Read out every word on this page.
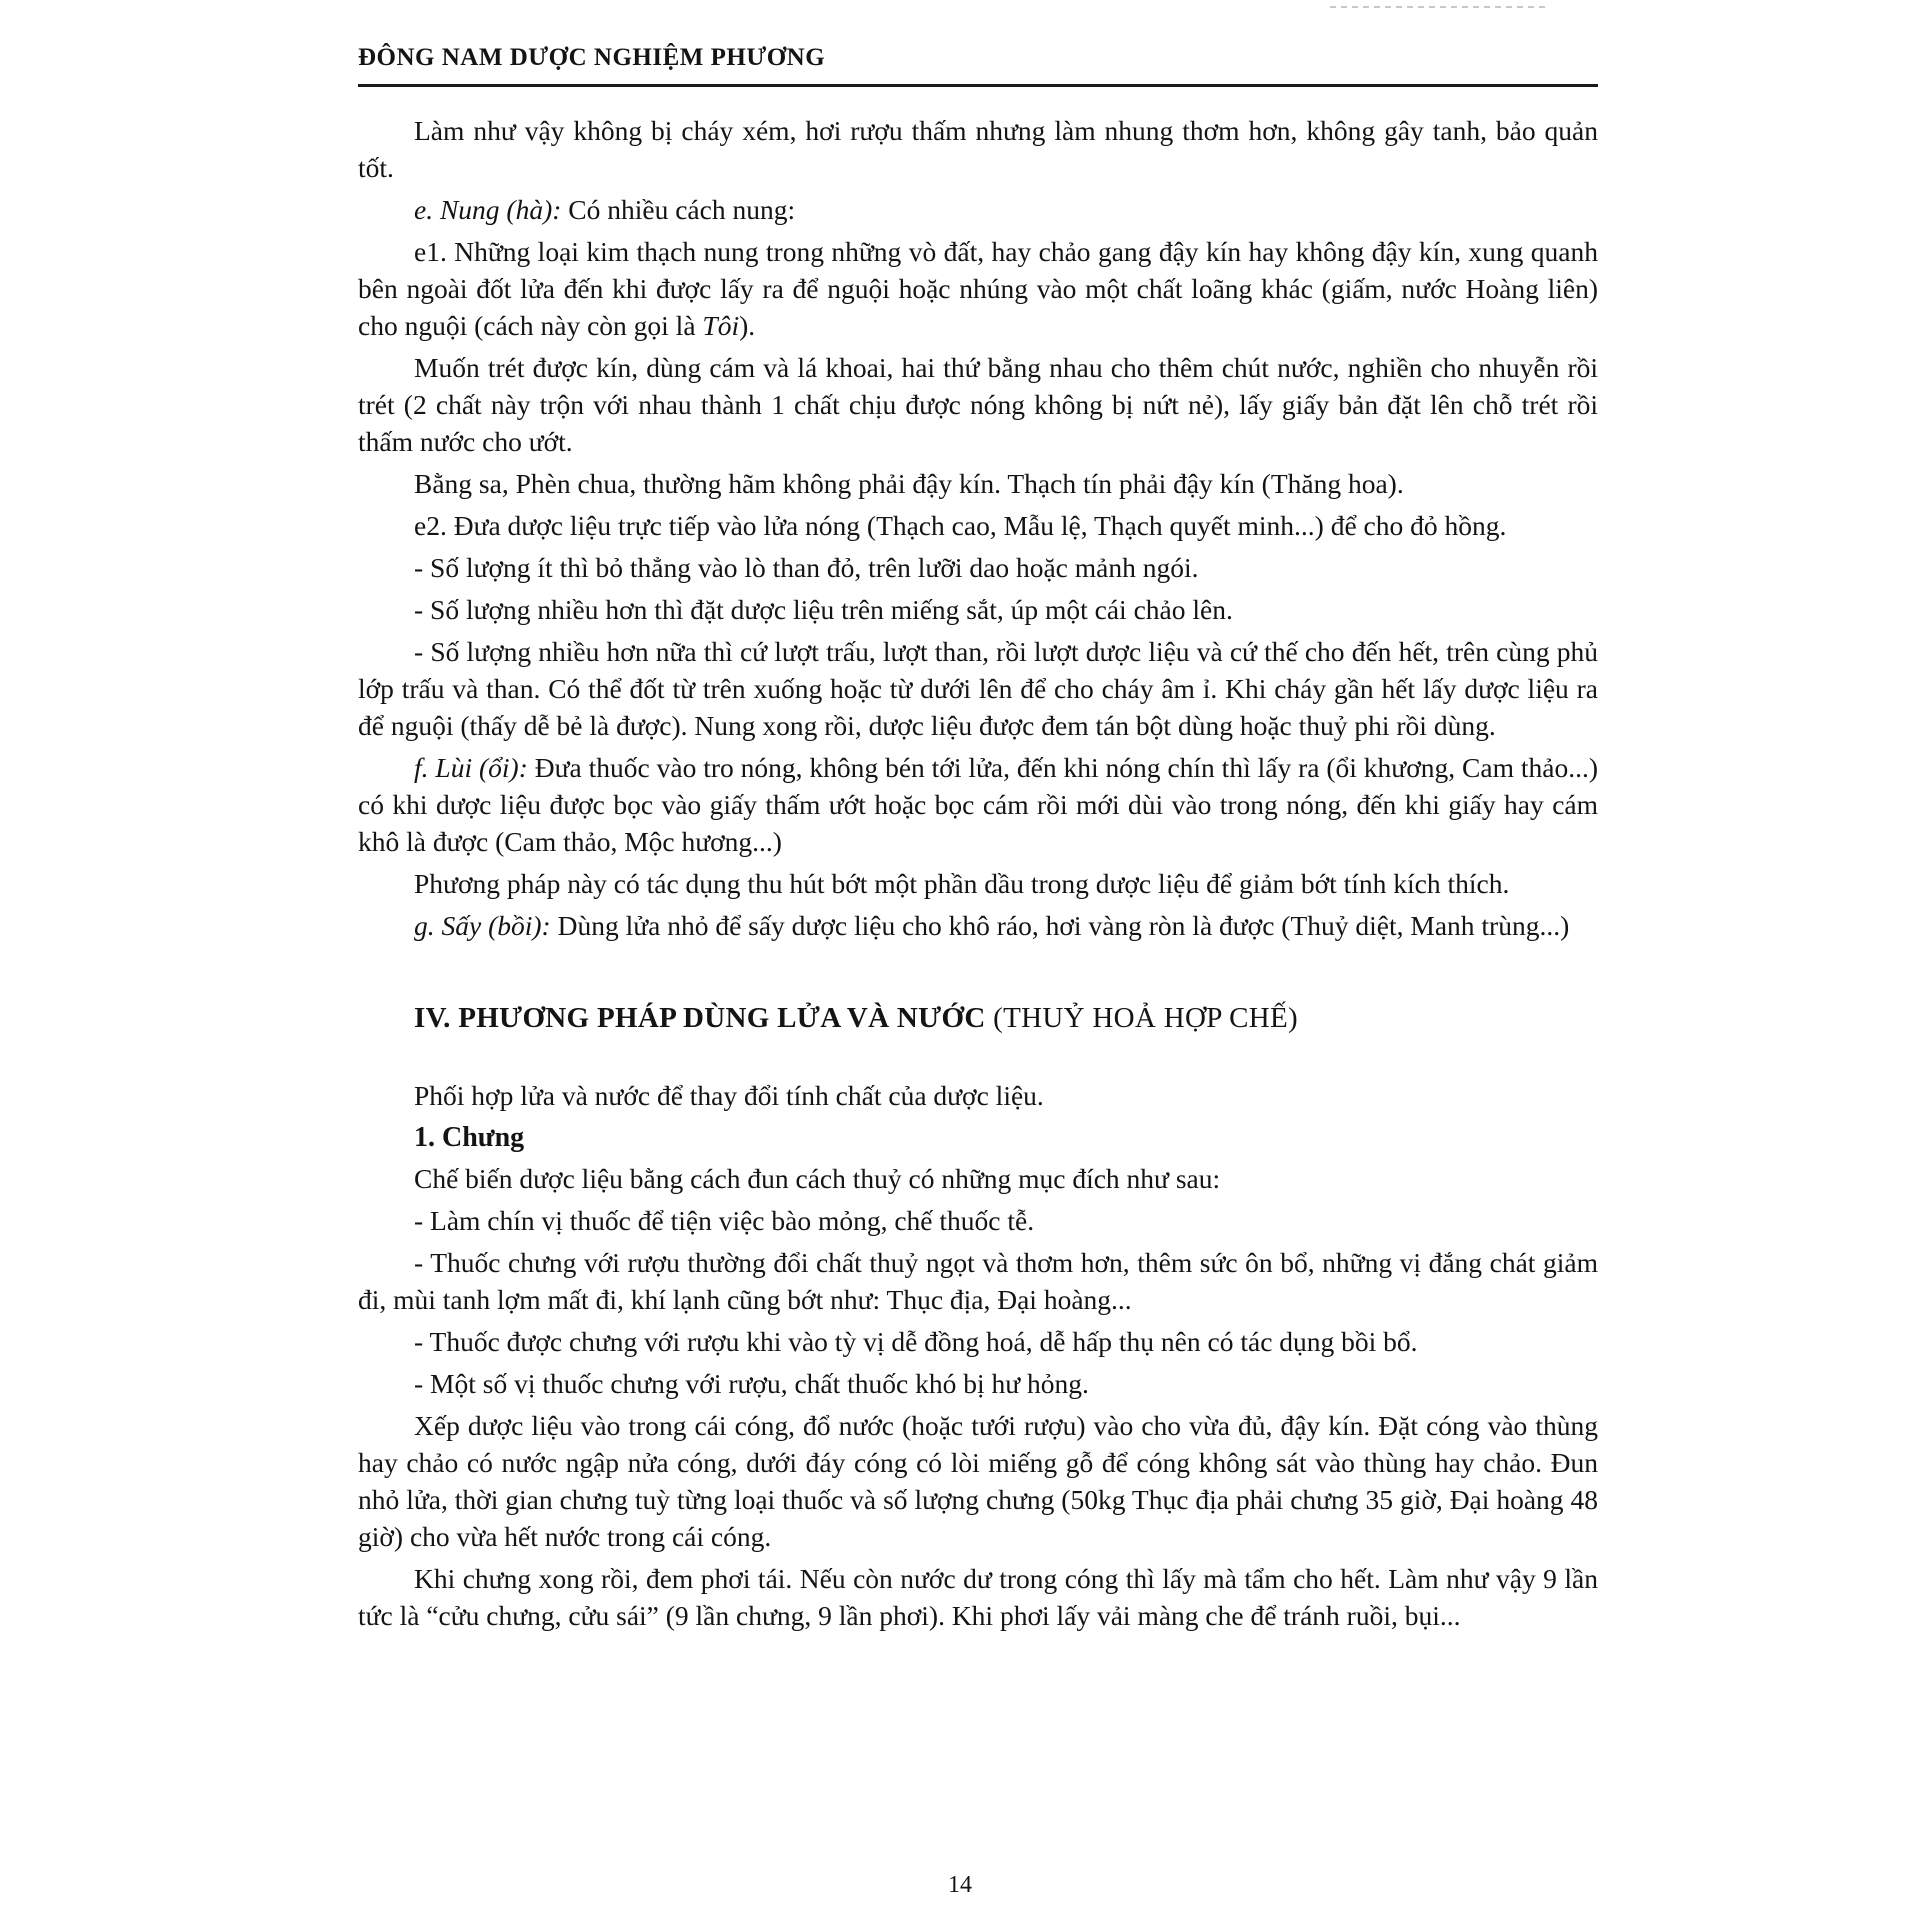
ĐÔNG NAM DƯỢC NGHIỆM PHƯƠNG

Làm như vậy không bị cháy xém, hơi rượu thấm nhưng làm nhung thơm hơn, không gây tanh, bảo quản tốt.

e. Nung (hà): Có nhiều cách nung:

e1. Những loại kim thạch nung trong những vò đất, hay chảo gang đậy kín hay không đậy kín, xung quanh bên ngoài đốt lửa đến khi được lấy ra để nguội hoặc nhúng vào một chất loãng khác (giấm, nước Hoàng liên) cho nguội (cách này còn gọi là Tôi).

Muốn trét được kín, dùng cám và lá khoai, hai thứ bằng nhau cho thêm chút nước, nghiền cho nhuyễn rồi trét (2 chất này trộn với nhau thành 1 chất chịu được nóng không bị nứt nẻ), lấy giấy bản đặt lên chỗ trét rồi thấm nước cho ướt.

Bằng sa, Phèn chua, thường hãm không phải đậy kín. Thạch tín phải đậy kín (Thăng hoa).

e2. Đưa dược liệu trực tiếp vào lửa nóng (Thạch cao, Mẫu lệ, Thạch quyết minh...) để cho đỏ hồng.

- Số lượng ít thì bỏ thẳng vào lò than đỏ, trên lưỡi dao hoặc mảnh ngói.

- Số lượng nhiều hơn thì đặt dược liệu trên miếng sắt, úp một cái chảo lên.

- Số lượng nhiều hơn nữa thì cứ lượt trấu, lượt than, rồi lượt dược liệu và cứ thế cho đến hết, trên cùng phủ lớp trấu và than. Có thể đốt từ trên xuống hoặc từ dưới lên để cho cháy âm ỉ. Khi cháy gần hết lấy dược liệu ra để nguội (thấy dễ bẻ là được). Nung xong rồi, dược liệu được đem tán bột dùng hoặc thuỷ phi rồi dùng.

f. Lùi (ổi): Đưa thuốc vào tro nóng, không bén tới lửa, đến khi nóng chín thì lấy ra (ổi khương, Cam thảo...) có khi dược liệu được bọc vào giấy thấm ướt hoặc bọc cám rồi mới dùi vào trong nóng, đến khi giấy hay cám khô là được (Cam thảo, Mộc hương...)

Phương pháp này có tác dụng thu hút bớt một phần dầu trong dược liệu để giảm bớt tính kích thích.

g. Sấy (bồi): Dùng lửa nhỏ để sấy dược liệu cho khô ráo, hơi vàng ròn là được (Thuỷ diệt, Manh trùng...)

IV. PHƯƠNG PHÁP DÙNG LỬA VÀ NƯỚC (THUỶ HOẢ HỢP CHẾ)

Phối hợp lửa và nước để thay đổi tính chất của dược liệu.

1. Chưng

Chế biến dược liệu bằng cách đun cách thuỷ có những mục đích như sau:

- Làm chín vị thuốc để tiện việc bào mỏng, chế thuốc tễ.

- Thuốc chưng với rượu thường đổi chất thuỷ ngọt và thơm hơn, thêm sức ôn bổ, những vị đắng chát giảm đi, mùi tanh lợm mất đi, khí lạnh cũng bớt như: Thục địa, Đại hoàng...

- Thuốc được chưng với rượu khi vào tỳ vị dễ đồng hoá, dễ hấp thụ nên có tác dụng bồi bổ.

- Một số vị thuốc chưng với rượu, chất thuốc khó bị hư hỏng.

Xếp dược liệu vào trong cái cóng, đổ nước (hoặc tưới rượu) vào cho vừa đủ, đậy kín. Đặt cóng vào thùng hay chảo có nước ngập nửa cóng, dưới đáy cóng có lòi miếng gỗ để cóng không sát vào thùng hay chảo. Đun nhỏ lửa, thời gian chưng tuỳ từng loại thuốc và số lượng chưng (50kg Thục địa phải chưng 35 giờ, Đại hoàng 48 giờ) cho vừa hết nước trong cái cóng.

Khi chưng xong rồi, đem phơi tái. Nếu còn nước dư trong cóng thì lấy mà tẩm cho hết. Làm như vậy 9 lần tức là “cửu chưng, cửu sái” (9 lần chưng, 9 lần phơi). Khi phơi lấy vải màng che để tránh ruồi, bụi...

14
